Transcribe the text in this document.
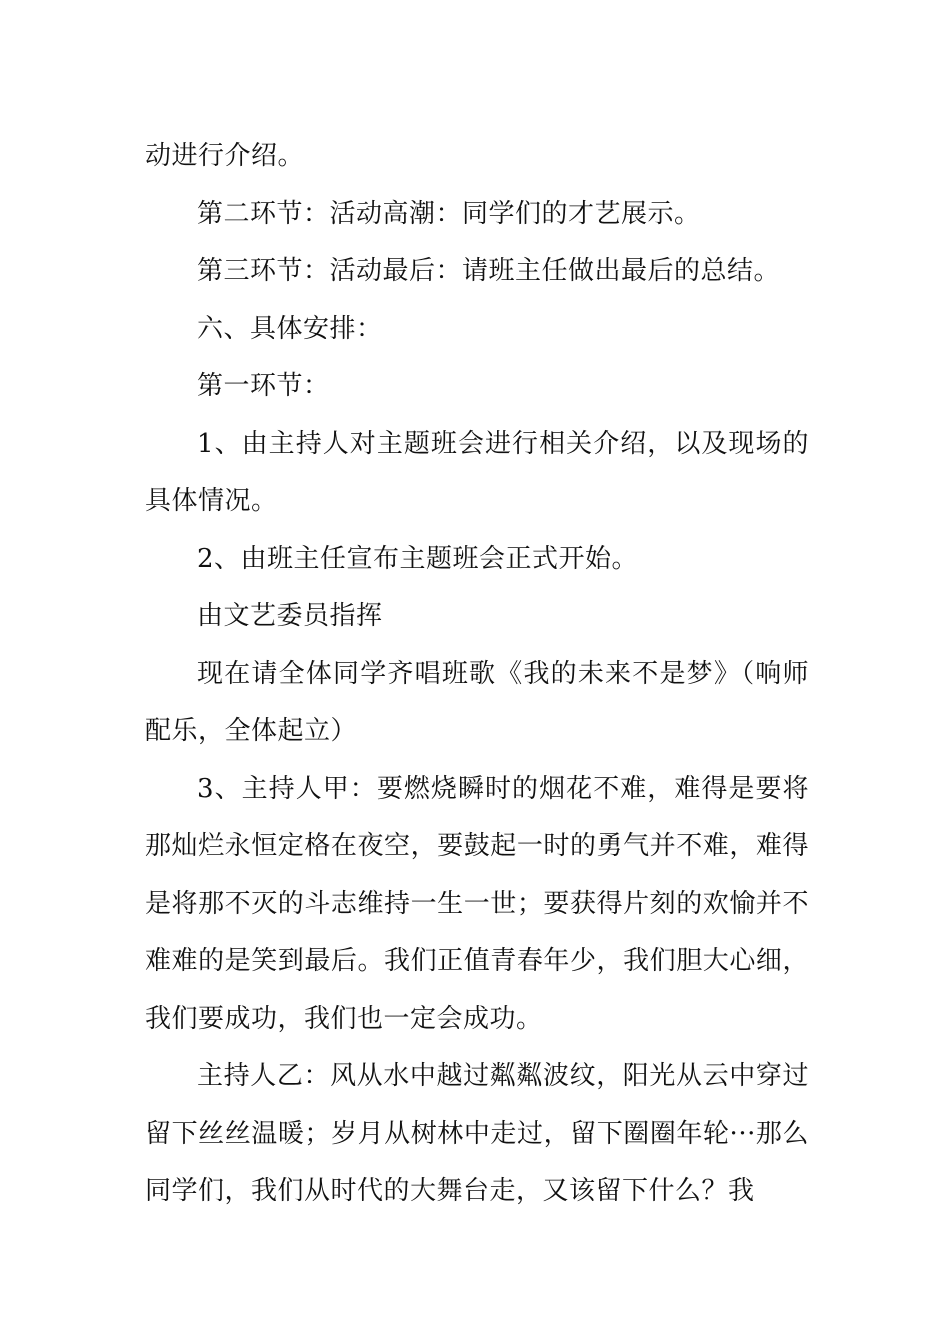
动进行介绍。

第二环节：活动高潮：同学们的才艺展示。

第三环节：活动最后：请班主任做出最后的总结。

六、具体安排：

第一环节：

1、由主持人对主题班会进行相关介绍，以及现场的具体情况。

2、由班主任宣布主题班会正式开始。

由文艺委员指挥

现在请全体同学齐唱班歌《我的未来不是梦》（响师配乐，全体起立）

3、主持人甲：要燃烧瞬时的烟花不难，难得是要将那灿烂永恒定格在夜空，要鼓起一时的勇气并不难，难得是将那不灭的斗志维持一生一世；要获得片刻的欢愉并不难难的是笑到最后。我们正值青春年少，我们胆大心细，我们要成功，我们也一定会成功。

主持人乙：风从水中越过粼粼波纹，阳光从云中穿过留下丝丝温暖；岁月从树林中走过，留下圈圈年轮···那么同学们，我们从时代的大舞台走，又该留下什么？我
